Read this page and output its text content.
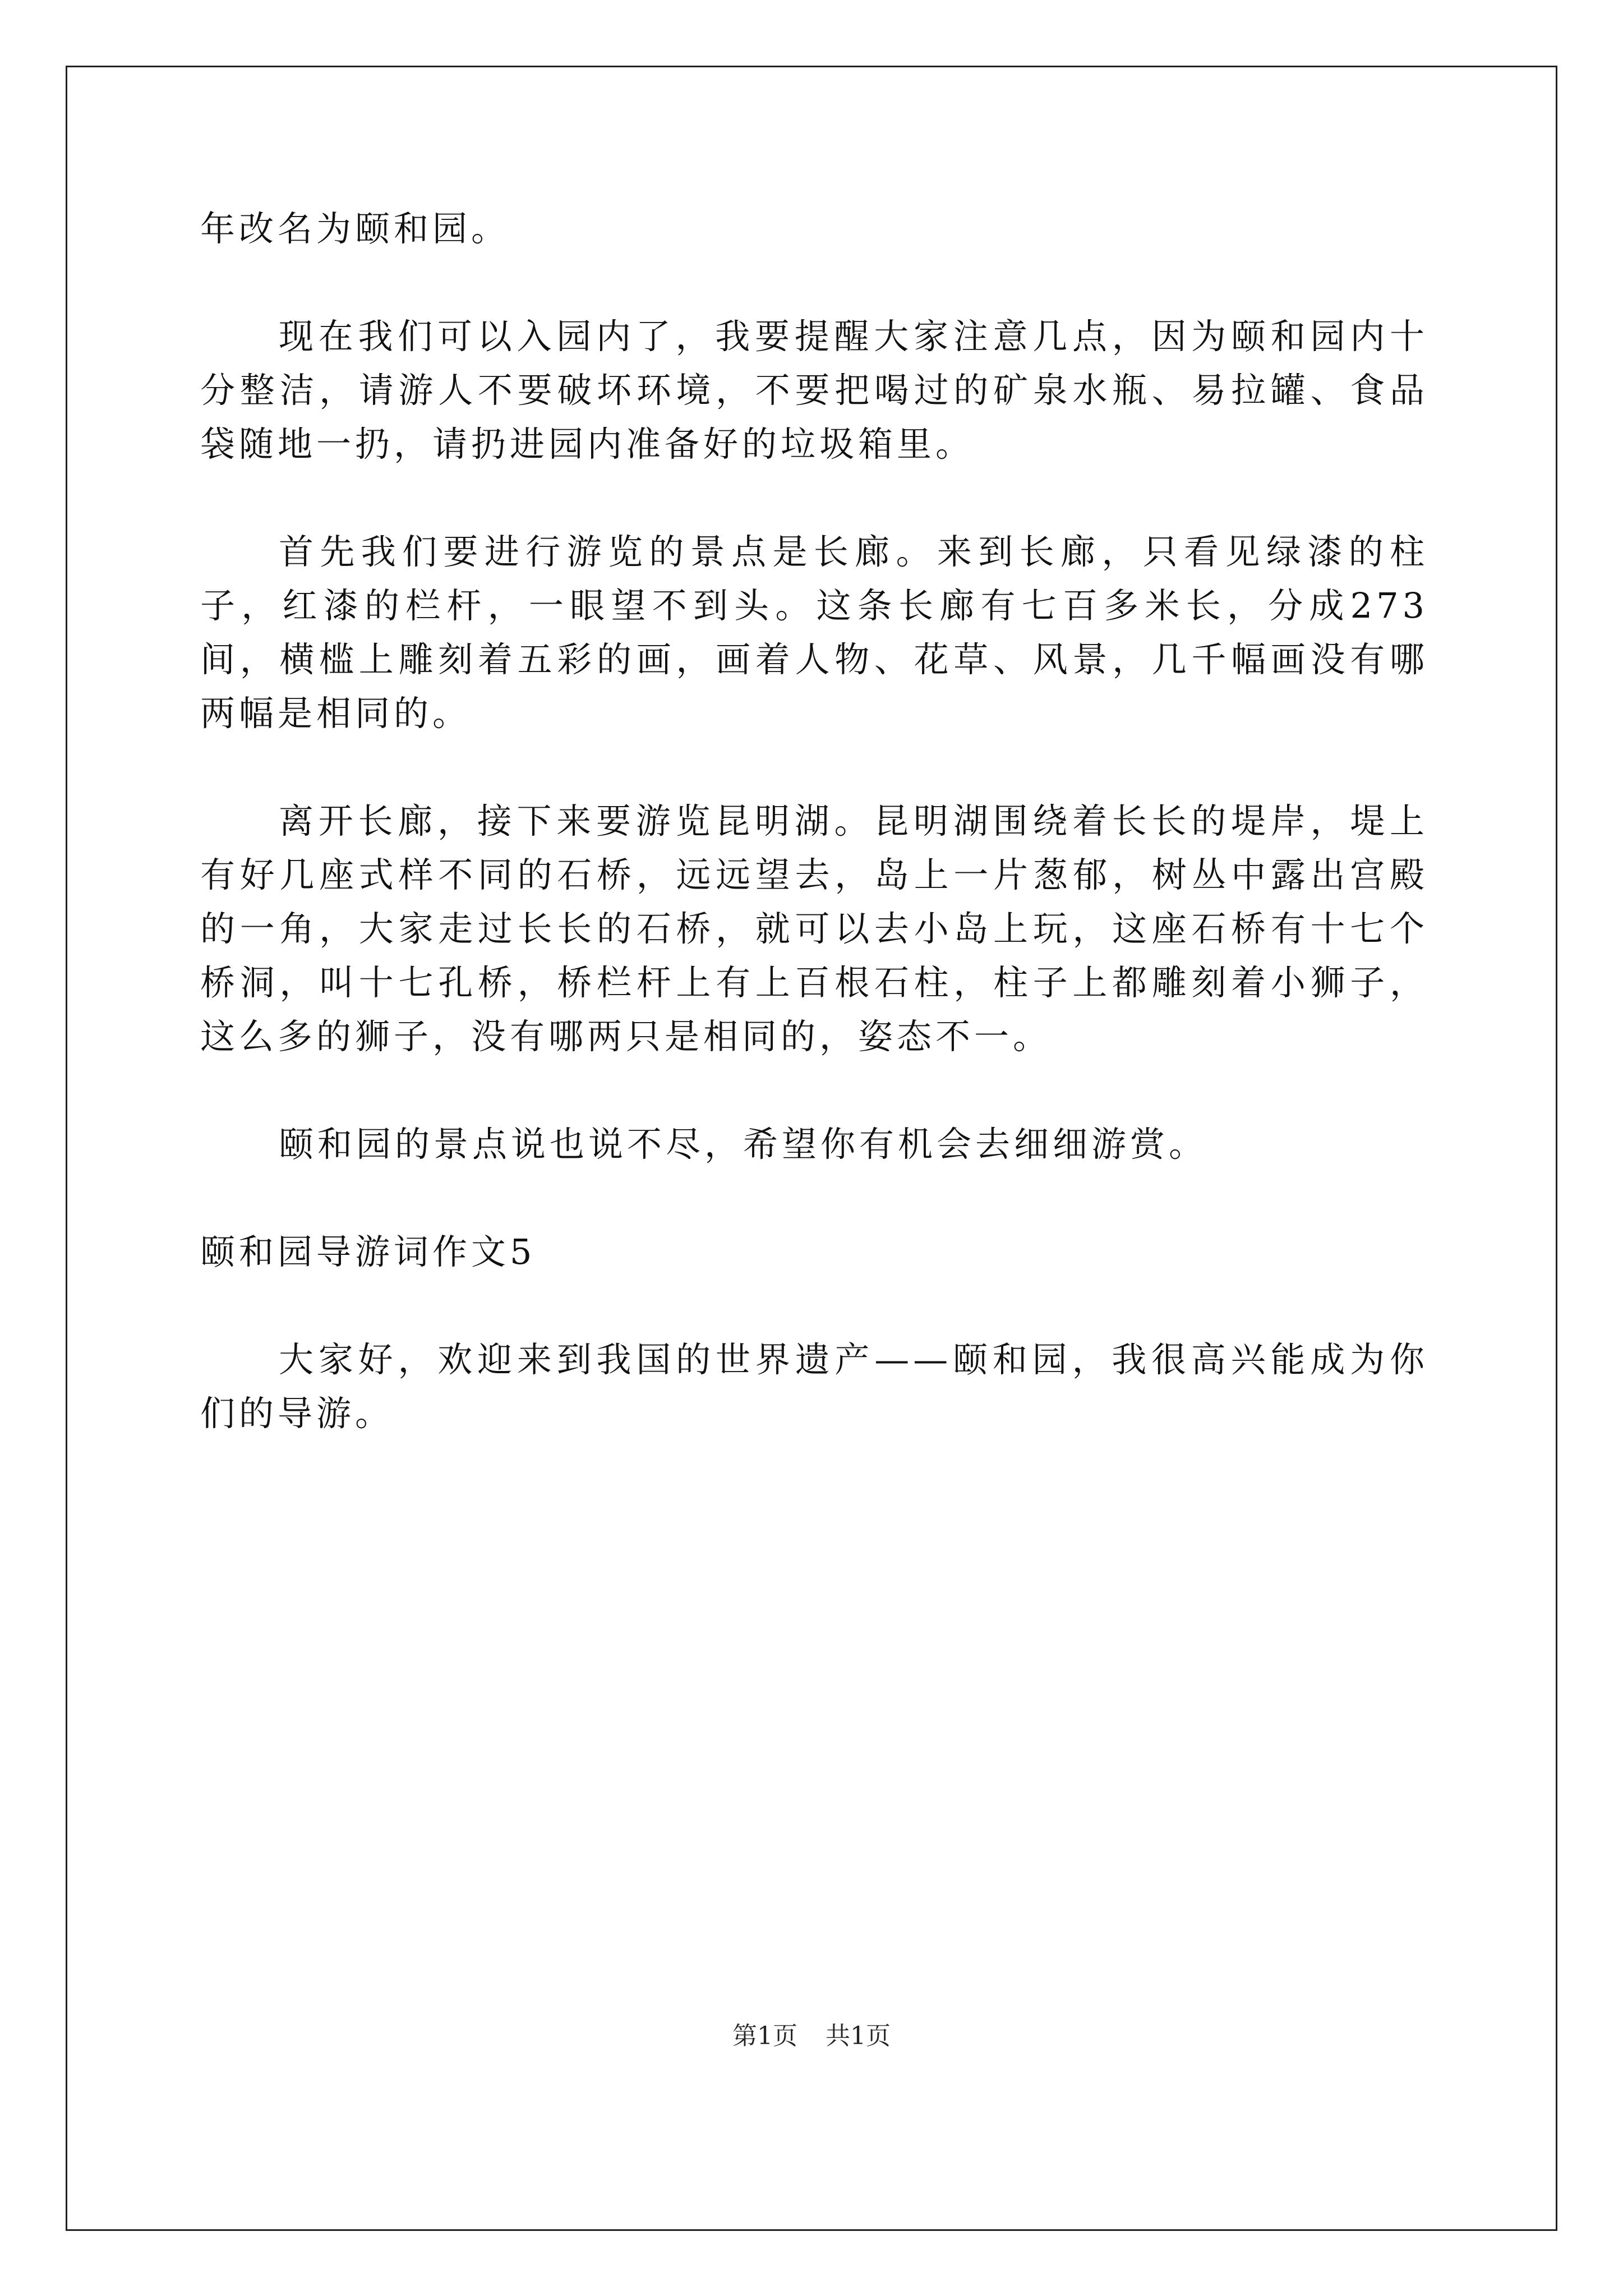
年改名为颐和园。

现在我们可以入园内了，我要提醒大家注意几点，因为颐和园内十分整洁，请游人不要破坏环境，不要把喝过的矿泉水瓶、易拉罐、食品袋随地一扔，请扔进园内准备好的垃圾箱里。

首先我们要进行游览的景点是长廊。来到长廊，只看见绿漆的柱子，红漆的栏杆，一眼望不到头。这条长廊有七百多米长，分成273间，横槛上雕刻着五彩的画，画着人物、花草、风景，几千幅画没有哪两幅是相同的。

离开长廊，接下来要游览昆明湖。昆明湖围绕着长长的堤岸，堤上有好几座式样不同的石桥，远远望去，岛上一片葱郁，树丛中露出宫殿的一角，大家走过长长的石桥，就可以去小岛上玩，这座石桥有十七个桥洞，叫十七孔桥，桥栏杆上有上百根石柱，柱子上都雕刻着小狮子，这么多的狮子，没有哪两只是相同的，姿态不一。

颐和园的景点说也说不尽，希望你有机会去细细游赏。

颐和园导游词作文5

大家好，欢迎来到我国的世界遗产——颐和园，我很高兴能成为你们的导游。

第1页 共1页
